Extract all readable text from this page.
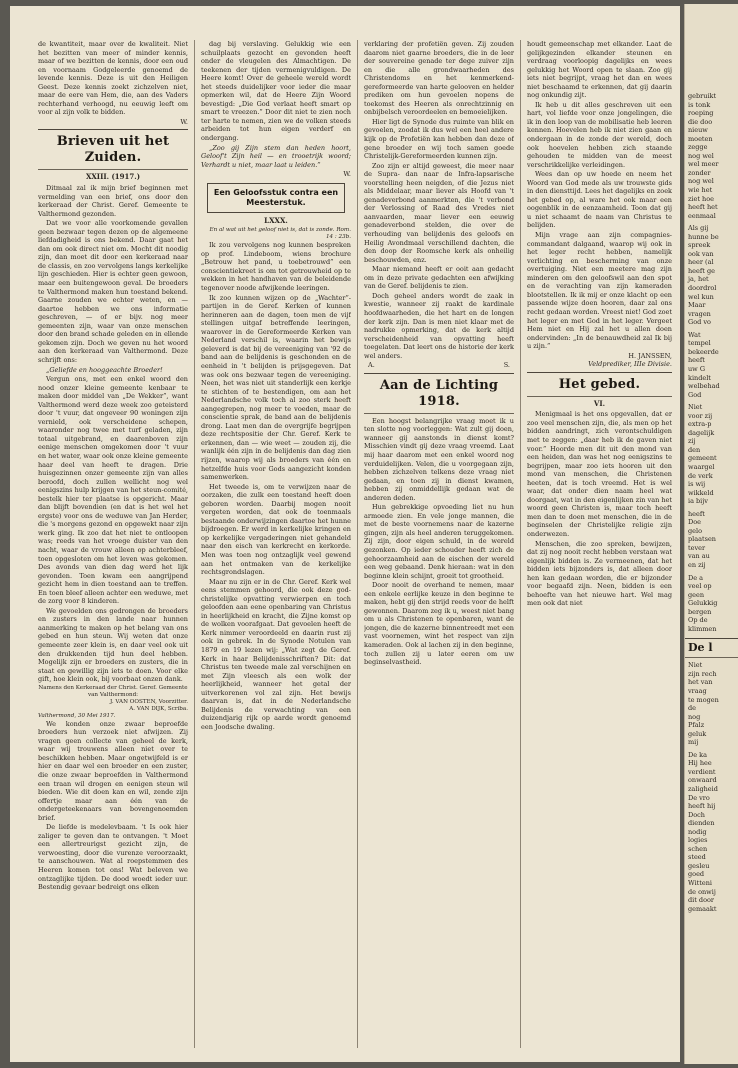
de kwantiteit, maar over de kwaliteit. Niet het bezitten van meer of minder kennis, maar of we bezitten de kennis, door een oud en voornaam Godgeleerde genoemd de levende kennis. Deze is uit den Heiligen Geest. Deze kennis zoekt zichzelven niet, maar de eere van Hem, die, aan des Vaders rechterhand verhoogd, nu eeuwig leeft om voor al zijn volk te bidden.

W.
Brieven uit het Zuiden.
XXIII. (1917.)

Ditmaal zal ik mijn brief beginnen met vermelding van een brief, ons door den kerkeraad der Christ. Geref. Gemeente te Valthermond gezonden.

Dat we voor alle voorkomende gevallen geen bezwaar tegen dezen op de algemeene liefdadigheid is ons bekend. Daar gaat het dan om ook direct niet om. Mocht dit noodig zijn, dan moet dit door een kerkeraad naar de classis, en zoo vervolgens langs kerkelijke lijn geschieden. Hier is echter geen gewoon, maar een buitengewoon geval. De broeders te Valthermond maken hun toestand bekend. Gaarne zouden we echter weten, en — daartoe hebben we ons informatie geschreven, — of er bijv. nog meer gemeenten zijn, waar van onze menschen door den brand schade geleden en in ellende gekomen zijn. Doch we geven nu het woord aan den kerkeraad van Valthermond. Deze schrijft ons:

„Geliefde en hooggeachte Broeder!

Vergun ons, met een enkel woord den nood onzer kleine gemeente kenbaar te maken door middel van „De Wekker”, want Valthermond werd deze week zoo geteisterd door 't vuur, dat ongeveer 90 woningen zijn vernield, ook verscheidene schepen, waaronder nog twee met turf geladen, zijn totaal uitgebrand, en daarenboven zijn eenige menschen omgekomen door 't vuur en het water, waar ook onze kleine gemeente haar deel van heeft te dragen. Drie huisgezinnen onzer gemeente zijn van alles beroofd, doch zullen wellicht nog wel eenigszins hulp krijgen van het steun-comité, bestelk hier ter plaatse is opgericht. Maar dan blijft bovendien (en dat is het wel het ergste) voor ons de weduwe van Jan Herder, die 's morgens gezond en opgewekt naar zijn werk ging. Ik zoo dat het niet te ontloopen was; reeds van het vroege duister van den nacht, waar de vrouw alleen op achterbleef, toen opgesloten om het leven was gekomen. Des avonds van dien dag werd het lijk gevonden. Toen kwam een aangrijpend gezicht hem in dien toestand aan te treffen. En toen bleef alleen achter een weduwe, met de zorg voor 8 kinderen.

We gevoelden ons gedrongen de broeders en zusters in den lande naar hunnen aanmerking te maken op het belang van ons gebed en hun steun. Wij weten dat onze gemeente zeer klein is, en daar veel ook uit den drukkenden tijd hun deel hebben. Mogelijk zijn er broeders en zusters, die in staat en gewillig zijn iets te doen. Voor elke gift, hoe klein ook, bij voorbaat onzen dank.

Namens den Kerkeraad der Christ. Geref. Gemeente van Valthermond:
J. VAN OOSTEN, Voorzitter.
A. VAN DIJK, Scriba.
Valthermond, 30 Mei 1917.

We konden onze zwaar beproefde broeders hun verzoek niet afwijzen. Zij vragen geen collecte van geheel de kerk, waar wij trouwens alleen niet over te beschikken hebben. Maar ongetwijfeld is er hier en daar wel een broeder en een zuster, die onze zwaar beproefden in Valthermond een traan wil drogen en eenigen steun wil bieden. Wie dit doen kan en wil, zende zijn offertje maar aan één van de ondergeteekenaars van bovengenoemden brief.

De liefde is medelevbaam. 't Is ook hier zaliger te geven dan te ontvangen. 't Moet een allertreurigst gezicht zijn, de verwoesting, door die vurenze veroorzaakt, te aanschouwen. Wat al roepstemmen des Heeren komen tot ons! Wat beleven we ontzaglijke tijden. De dood woedt ieder uur. Bestendig gevaar bedreigt ons elken

dag bij verslaving. Gelukkig wie een schuilplaats gezocht en gevonden heeft onder de vleugelen des Almachtigen. De teekenen der tijden vermenigvuldigen. De Heere komt! Over de geheele wereld wordt het steeds duidelijker voor ieder die maar opmerken wil, dat de Heere Zijn Woord bevestigd: „Die God verlaat heeft smart op smart te vreezen.” Door dit niet te zien noch ter harte te nemen, zien we de volken steeds arbeiden tot hun eigen verderf en ondergang.

„Zoo gij Zijn stem dan heden hoort, Geloof't Zijn heil — en trooetrijk woord; Verhardt u niet, maar laat u leiden.”

W.
Een Geloofsstuk contra een Meesterstuk.
LXXX.
En al wat uit het geloof niet is, dat is zonde. Rom. 14 : 23b.

Ik zou vervolgens nog kunnen bespreken op prof. Lindeboom, wiens brochure „Betrouw het pand, u toebetrouwd” een conscientiekreet is om tot getrouwheid op te wekken in het handhaven van de beleidende tegenover noode afwijkende leeringen.

Ik zoo kunnen wijzen op de „Wachter”-partijen in de Geref. Kerken of kunnen herinneren aan de dagen, toen men de vijf stellingen uitgaf betreffende leeringen, waarover in de Gereformeerde Kerken van Nederland verschil is, waarin het bewijs geleverd is dat bij de vereeniging van '92 de band aan de belijdenis is geschonden en de eenheid in 't belijden is prijsgegeven. Dat was ook ons bezwaar tegen de vereeniging. Neen, het was niet uit standerlijk een kerkje te stichten of te bestendigen, om aan het Nederlandsche volk toch al zoo sterk heeft aangegrepen, nog meer te voeden, maar de conscientie sprak, de band aan de belijdenis drong. Laat men dan de overgrijfe begrijpen deze rechtspositie der Chr. Geref. Kerk te erkennen, dan — wie weet — zouden zij, die wanlijk één zijn in de belijdenis dan dag zien rijzen, waarop wij als broeders van één en hetzelfde huis voor Gods aangezicht konden samenwerken.

Het tweede is, om te verwijzen naar de oorzaken, die zulk een toestand heeft doen geboren worden. Daarbij mogen nooit vergeten worden, dat ook de toenmaals bestaande onderwijzingen daartoe het hunne bijdroegen. Er werd in kerkelijke kringen en op kerkelijke vergaderingen niet gehandeld naar den eisch van kerkrecht en kerkorde. Men was toen nog ontzaglijk veel gewend aan het ontmaken van de kerkelijke rechtsgrondslagen.

Maar nu zijn er in de Chr. Geref. Kerk wel eens stemmen gehoord, die ook deze god-christelijke opvatting verwierpen en toch geloofden aan eene openbaring van Christus in heerlijkheid en kracht, die Zijne komst op de wolken voorafgaat. Dat gevoelen heeft de Kerk nimmer veroordeeld en daarin rust zij ook in gebrek. In de Synode Notulen van 1879 en 19 lezen wij: „Wat zegt de Geref. Kerk in haar Belijdenisschriften? Dit: dat Christus ten tweede male zal verschijnen en met Zijn vleesch als een wolk der heerlijkheid, wanneer het getal der uitverkorenen vol zal zijn. Het bewijs daarvan is, dat in de Nederlandsche Belijdenis de verwachting van een duizendjarig rijk op aarde wordt genoemd een Joodsche dwaling.

verklaring der profetiën geven. Zij zouden daarom niet gaarne broeders, die in de leer der souvereine genade ter dege zuiver zijn en die alle grondwaarheden des Christendoms en het kenmerkend-gereformeerde van harte gelooven en helder prediken om hun gevoelen nopens de toekomst des Heeren als onrechtzinnig en onbijbelsch veroordeelen en bemoeielijken.

Hier ligt de Synode dus ruimte van blik en gevoelen, zoodat ik dus wel een heel andere kijk op de Profetiën kan hebben dan deze of gene broeder en wij toch samen goede Christelijk-Gereformeerden kunnen zijn.

Zoo zijn er altijd geweest, die meer naar de Supra- dan naar de Infra-lapsarische voorstelling heen neigden, of die Jezus niet als Middelaar, maar liever als Hoofd van 't genadeverbond aanmerkten, die 't verbond der Verlossing of Raad des Vredes niet aanvaarden, maar liever een eeuwig genadeverbond stelden, die over de verhouding van belijdenis des geloofs en Heilig Avondmaal verschillend dachten, die den doop der Roomsche kerk als onheilig beschouwden, enz.

Maar niemand heeft er ooit aan gedacht om in deze private gedachten een afwijking van de Geref. belijdenis te zien.

Doch geheel anders wordt de zaak in kwestie, wanneer zij raakt de kardinale hoofdwaarheden, die het hart en de longen der kerk zijn. Dan is men niet klaar met de nadrukke opmerking, dat de kerk altijd verscheidenheid van opvatting heeft toegelaten. Dat leert ons de historie der kerk wel anders.

A.	S.
Aan de Lichting 1918.

Een hoogst belangrijke vraag moet ik u ten slotte nog voorleggen: Wat zult gij doen, wanneer gij aanstonds in dienst komt? Misschien vindt gij deze vraag vreemd. Laat mij haar daarom met een enkel woord nog verduidelijken. Velen, die u voorgegaan zijn, hebben zichzelven telkens deze vraag niet gedaan, en toen zij in dienst kwamen, hebben zij onmiddellijk gedaan wat de anderen deden.

Hun gebrekkige opvoeding liet nu hun armoede zien. En vele jonge mannen, die met de beste voornemens naar de kazerne gingen, zijn als heel anderen teruggekomen. Zij zijn, door eigen schuld, in de wereld gezonken. Op ieder schouder heeft zich de gehoorzaamheid aan de eischen der wereld een weg gebaand. Denk hieraan: wat in den beginne klein schijnt, groeit tot grootheid.

Door nooit de overhand te nemen, maar een enkele eerlijke keuze in den beginne te maken, hebt gij den strijd reeds voor de helft gewonnen. Daarom zeg ik u, weest niet bang om u als Christenen te openbaren, want de jongen, die de kazerne binnentreedt met een vast voornemen, wint het respect van zijn kameraden. Ook al lachen zij in den beginne, toch zullen zij u later eeren om uw beginselvastheid.

houdt gemeenschap met elkander. Laat de gelijkgezinden elkander steunen en verdraag voorloopig dagelijks en wees gelukkig het Woord open te slaan. Zoo gij iets niet begrijpt, vraag het dan en wees niet beschaamd te erkennen, dat gij daarin nog onkundig zijt.

Ik heb u dit alles geschreven uit een hart, vol liefde voor onze jongelingen, die ik in den loop van de mobilisatie heb leeren kennen. Hoevelen heb ik niet zien gaan en ondergaan in de zonde der wereld, doch ook hoevelen hebben zich staande gehouden te midden van de meest verschrikkelijke verleidingen.

Wees dan op uw hoede en neem het Woord van God mede als uw trouwste gids in den diensttijd. Lees het dagelijks en zoek het gebed op, al ware het ook maar een oogenblik in de eenzaamheid. Toon dat gij u niet schaamt de naam van Christus te belijden.

Mijn vrage aan zijn compagnies-commandant dalgaand, waarop wij ook in het leger recht hebben, namelijk verlichting en bescherming van onze overtuiging. Niet een meetere mag zijn minderen om den geloofswil aan den spot en de verachting van zijn kameraden blootstellen. Ik ik mij er onze klacht op een passende wijze doen hooren, daar zal ons recht gedaan worden. Vreest niet! God zoet het leger en met God in het leger. Vergeet Hem niet en Hij zal het u allen doen ondervinden: „In de benauwdheid zal Ik bij u zijn.”

H. JANSSEN,
Veldprediker, IIIe Divisie.
Het gebed.
VI.

Menigmaal is het ons opgevallen, dat er zoo veel menschen zijn, die, als men op het bidden aandringt, zich verontschuldigen met te zeggen: „daar heb ik de gaven niet voor.” Hoorde men dit uit den mond van een heiden, dan was het nog eenigszins te begrijpen, maar zoo iets hooren uit den mond van menschen, die Christenen heeten, dat is toch vreemd. Het is wel waar, dat onder dien naam heel wat doorgaat, wat in den eigenlijken zin van het woord geen Christen is, maar toch heeft men dan te doen met menschen, die in de beginselen der Christelijke religie zijn onderwezen.

Menschen, die zoo spreken, bewijzen, dat zij nog nooit recht hebben verstaan wat eigenlijk bidden is. Ze vermeenen, dat het bidden iets bijzonders is, dat alleen door hen kan gedaan worden, die er bijzonder voor begaafd zijn. Neen, bidden is een behoefte van het nieuwe hart. Wel mag men ook dat niet

gebruikt
is tonk
roeping
die doo
nieuw
moeten
zegge
nog wel
wel meer
zonder
nog wel
wie het
ziet hoe
heeft het
eenmaal
Als gij
hunne be
spreek
ook van
heer (al
heeft ge
ja, het
doordrol
wel kun
Maar
vragen
God vo
Wat
tempel
bekeerde
heeft
uw G
kindelt
welbehad
God
Niet
voor zij
extra-p
dagelijk
zij
den
gemeent
waargel
de verk
is wij
wikkeld
ia bijv
heeft
Doe
gelo
plaatsen
tever
van au
en zij
De a
veel op
geen
Gelukkig
bergen
Op de
klimmen
De l
Niet
zijn rech
het van
vraag
te mogen
de
nog
Pfalz
geluk
mij
De ka
Hij hee
verdient
onwaard
zaligheid
De vro
heeft hij
Doch
dienden
nodig
logies
schen
steed
gesleu
goed
Witteni
de onwij
dit door
gemaakt
